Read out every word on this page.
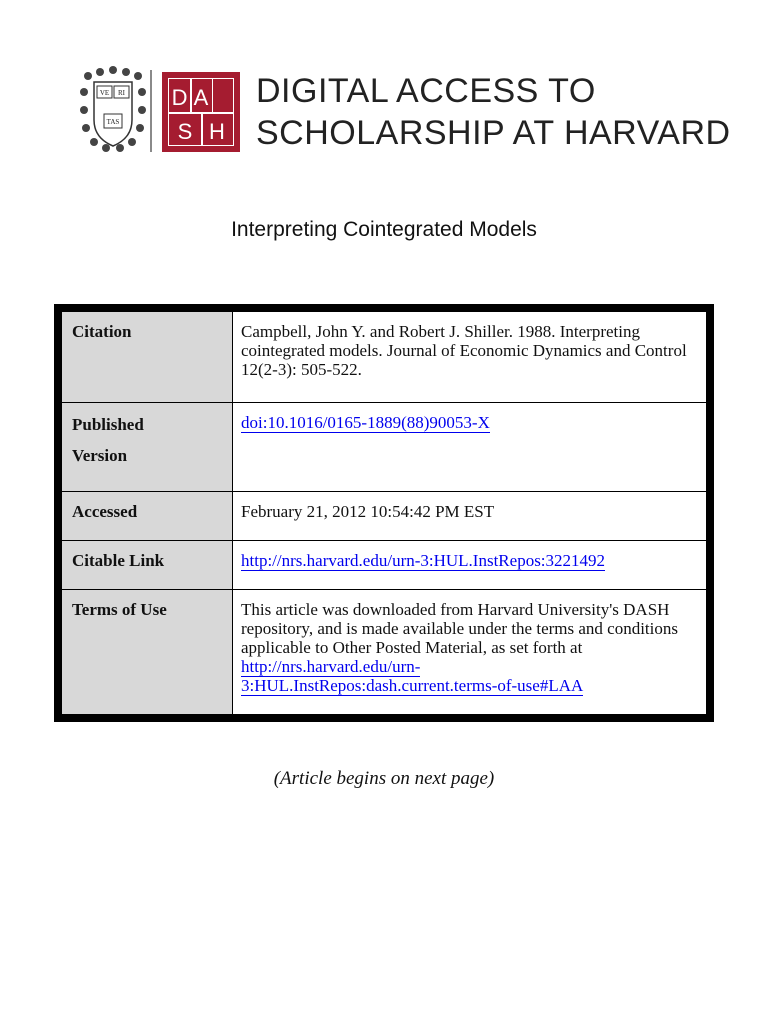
VE RI
TAS
D A
S H
DIGITAL ACCESS TO
SCHOLARSHIP AT HARVARD
Interpreting Cointegrated Models
Citation	Campbell, John Y. and Robert J. Shiller. 1988. Interpreting cointegrated models. Journal of Economic Dynamics and Control 12(2-3): 505-522.

Published
Version	doi:10.1016/0165-1889(88)90053-X
Accessed	February 21, 2012 10:54:42 PM EST
Citable Link	http://nrs.harvard.edu/urn-3:HUL.InstRepos:3221492
Terms of Use	This article was downloaded from Harvard University's DASH repository, and is made available under the terms and conditions applicable to Other Posted Material, as set forth at http://nrs.harvard.edu/urn-
3:HUL.InstRepos:dash.current.terms-of-use#LAA
(Article begins on next page)
